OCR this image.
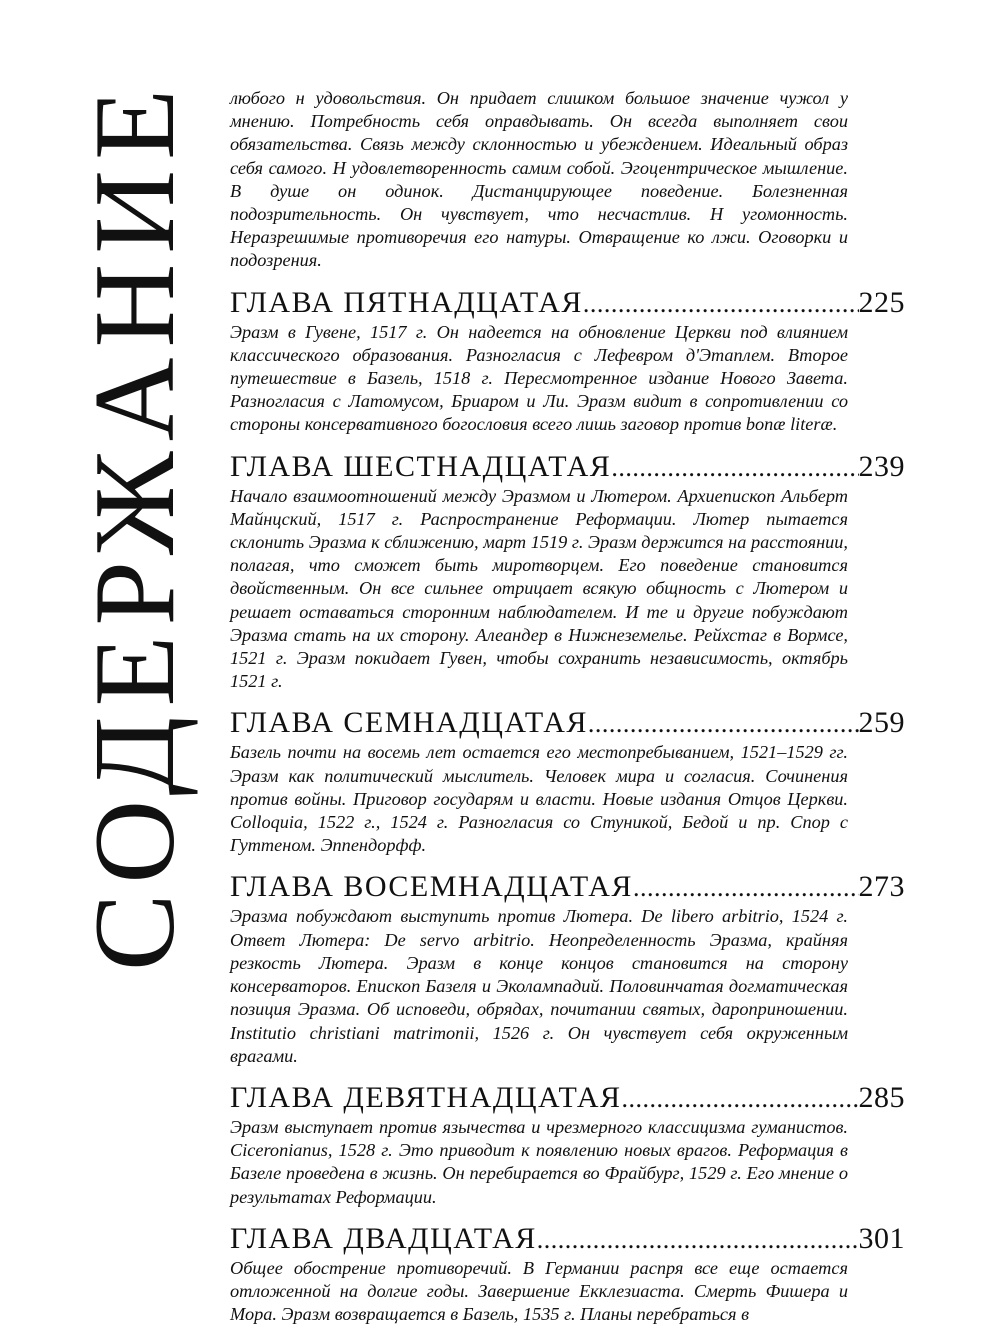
СОДЕРЖАНИЕ любого н удовольствия. Он придает слишком большое значение чужол у мнению. Потребность себя оправдывать. Он всегда выполняет свои обязательства. Связь между склонностью и убеждением. Идеальный образ себя самого. Н удовлетворенность самим собой. Эгоцентрическое мышление. В душе он одинок. Дистанцирующее поведение. Болезненная подозрительность. Он чувствует, что несчастлив. Н угомонность. Неразрешимые противоречия его натуры. Отвращение ко лжи. Оговорки и подозрения.

ГЛАВА ПЯТНАДЦАТАЯ .....	225

Эразм в Гувене, 1517 г. Он надеется на обновление Церкви под влиянием классического образования. Разногласия с Лефевром д'Этаплем. Второе путешествие в Базель, 1518 г. Пересмотренное издание Нового Завета. Разногласия с Латомусом, Бриаром и Ли. Эразм видит в сопротивлении со стороны консервативного богословия всего лишь заговор против bonæ literæ.

ГЛАВА ШЕСТНАДЦАТАЯ .....	239

Начало взаимоотношений между Эразмом и Лютером. Архиепископ Альберт Майнцский, 1517 г. Распространение Реформации. Лютер пытается склонить Эразма к сближению, март 1519 г. Эразм держится на расстоянии, полагая, что сможет быть миротворцем. Его поведение становится двойственным. Он все сильнее отрицает всякую общность с Лютером и решает оставаться сторонним наблюдателем. И те и другие побуждают Эразма стать на их сторону. Алеандер в Нижнеземелье. Рейхстаг в Вормсе, 1521 г. Эразм покидает Гувен, чтобы сохранить независимость, октябрь 1521 г.

ГЛАВА СЕМНАДЦАТАЯ .....	259

Базель почти на восемь лет остается его местопребыванием, 1521–1529 гг. Эразм как политический мыслитель. Человек мира и согласия. Сочинения против войны. Приговор государям и власти. Новые издания Отцов Церкви. Colloquia, 1522 г., 1524 г. Разногласия со Стуникой, Бедой и пр. Спор с Гуттеном. Эппендорфф.

ГЛАВА ВОСЕМНАДЦАТАЯ .....	273

Эразма побуждают выступить против Лютера. De libero arbitrio, 1524 г. Ответ Лютера: De servo arbitrio. Неопределенность Эразма, крайняя резкость Лютера. Эразм в конце концов становится на сторону консерваторов. Епископ Базеля и Эколампадий. Половинчатая догматическая позиция Эразма. Об исповеди, обрядах, почитании святых, дароприношении. Institutio christiani matrimonii, 1526 г. Он чувствует себя окруженным врагами.

ГЛАВА ДЕВЯТНАДЦАТАЯ .....	285

Эразм выступает против язычества и чрезмерного классицизма гуманистов. Ciceronianus, 1528 г. Это приводит к появлению новых врагов. Реформация в Базеле проведена в жизнь. Он перебирается во Фрайбург, 1529 г. Его мнение о результатах Реформации.

ГЛАВА ДВАДЦАТАЯ .....	301

Общее обострение противоречий. В Германии распря все еще остается отложенной на долгие годы. Завершение Екклезиаста. Смерть Фишера и Мора. Эразм возвращается в Базель, 1535 г. Планы перебраться в
